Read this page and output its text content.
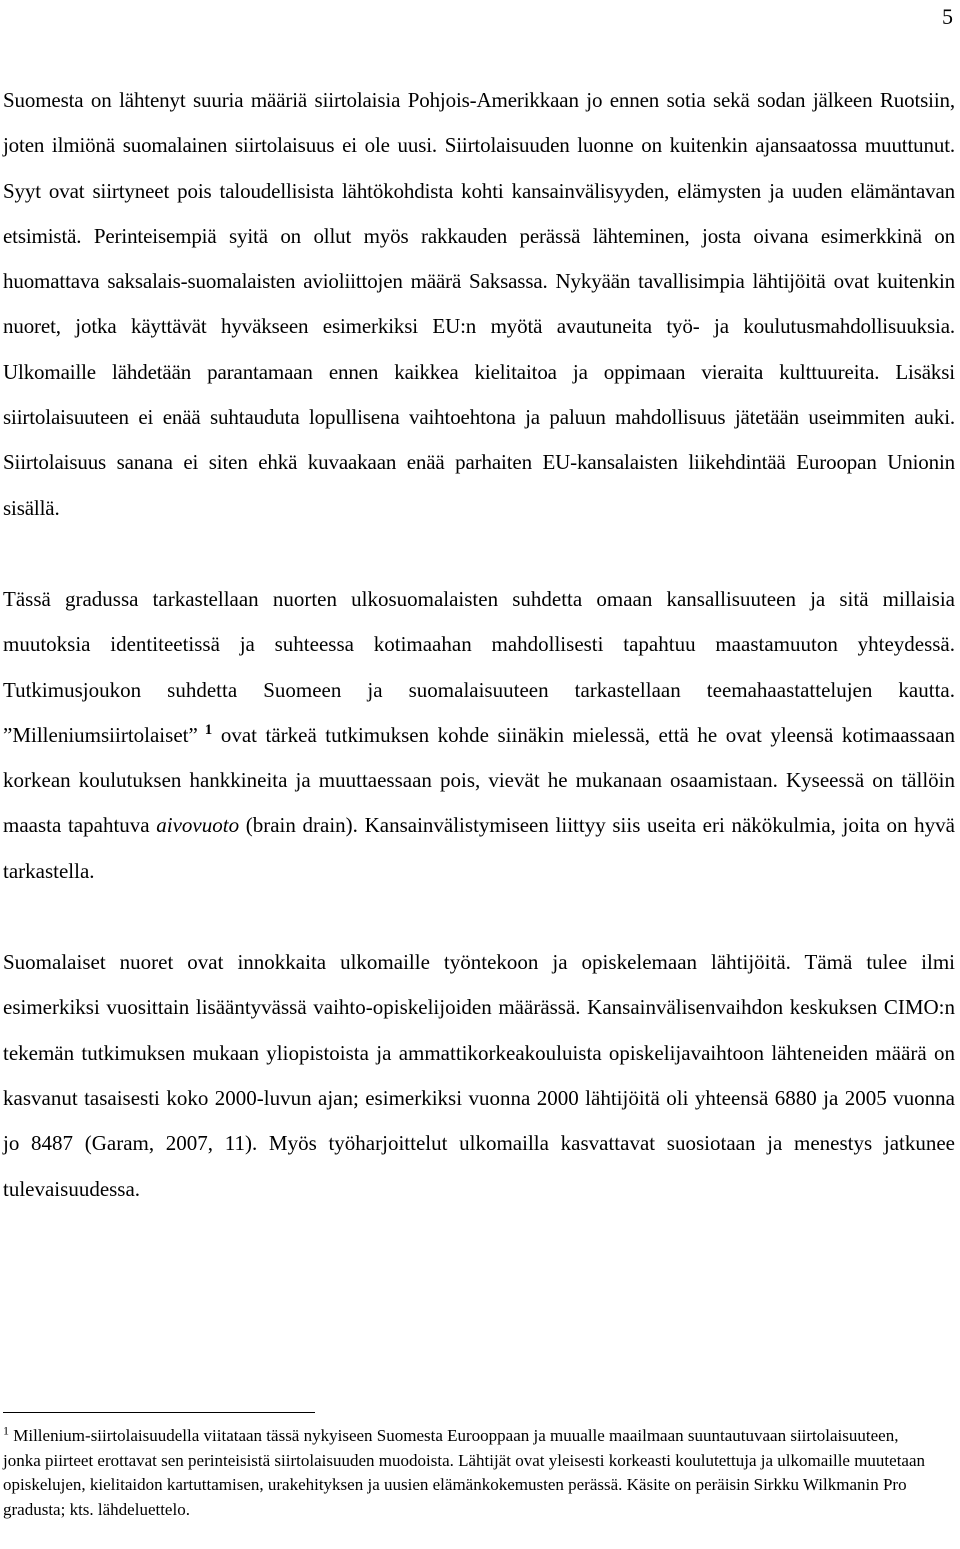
5

Suomesta on lähtenyt suuria määriä siirtolaisia Pohjois-Amerikkaan jo ennen sotia sekä sodan jälkeen Ruotsiin, joten ilmiönä suomalainen siirtolaisuus ei ole uusi. Siirtolaisuuden luonne on kuitenkin ajansaatossa muuttunut. Syyt ovat siirtyneet pois taloudellisista lähtökohdista kohti kansainvälisyyden, elämysten ja uuden elämäntavan etsimistä. Perinteisempiä syitä on ollut myös rakkauden perässä lähteminen, josta oivana esimerkkinä on huomattava saksalais-suomalaisten avioliittojen määrä Saksassa. Nykyään tavallisimpia lähtijöitä ovat kuitenkin nuoret, jotka käyttävät hyväkseen esimerkiksi EU:n myötä avautuneita työ- ja koulutusmahdollisuuksia. Ulkomaille lähdetään parantamaan ennen kaikkea kielitaitoa ja oppimaan vieraita kulttuureita. Lisäksi siirtolaisuuteen ei enää suhtauduta lopullisena vaihtoehtona ja paluun mahdollisuus jätetään useimmiten auki. Siirtolaisuus sanana ei siten ehkä kuvaakaan enää parhaiten EU-kansalaisten liikehdintää Euroopan Unionin sisällä.

Tässä gradussa tarkastellaan nuorten ulkosuomalaisten suhdetta omaan kansallisuuteen ja sitä millaisia muutoksia identiteetissä ja suhteessa kotimaahan mahdollisesti tapahtuu maastamuuton yhteydessä. Tutkimusjoukon suhdetta Suomeen ja suomalaisuuteen tarkastellaan teemahaastattelujen kautta. ”Milleniumsiirtolaiset” $^1$ ovat tärkeä tutkimuksen kohde siinäkin mielessä, että he ovat yleensä kotimaassaan korkean koulutuksen hankkineita ja muuttaessaan pois, vievät he mukanaan osaamistaan. Kyseessä on tällöin maasta tapahtuva aivovuoto (brain drain). Kansainvälistymiseen liittyy siis useita eri näkökulmia, joita on hyvä tarkastella.

Suomalaiset nuoret ovat innokkaita ulkomaille työntekoon ja opiskelemaan lähtijöitä. Tämä tulee ilmi esimerkiksi vuosittain lisääntyvässä vaihto-opiskelijoiden määrässä. Kansainvälisenvaihdon keskuksen CIMO:n tekemän tutkimuksen mukaan yliopistoista ja ammattikorkeakouluista opiskelijavaihtoon lähteneiden määrä on kasvanut tasaisesti koko 2000-luvun ajan; esimerkiksi vuonna 2000 lähtijöitä oli yhteensä 6880 ja 2005 vuonna jo 8487 (Garam, 2007, 11). Myös työharjoittelut ulkomailla kasvattavat suosiotaan ja menestys jatkunee tulevaisuudessa.

$^1$ Millenium-siirtolaisuudella viitataan tässä nykyiseen Suomesta Eurooppaan ja muualle maailmaan suuntautuvaan siirtolaisuuteen, jonka piirteet erottavat sen perinteisistä siirtolaisuuden muodoista. Lähtijät ovat yleisesti korkeasti koulutettuja ja ulkomaille muutetaan opiskelujen, kielitaidon kartuttamisen, urakehityksen ja uusien elämänkokemusten perässä. Käsite on peräisin Sirkku Wilkmanin Pro gradusta; kts. lähdeluettelo.
